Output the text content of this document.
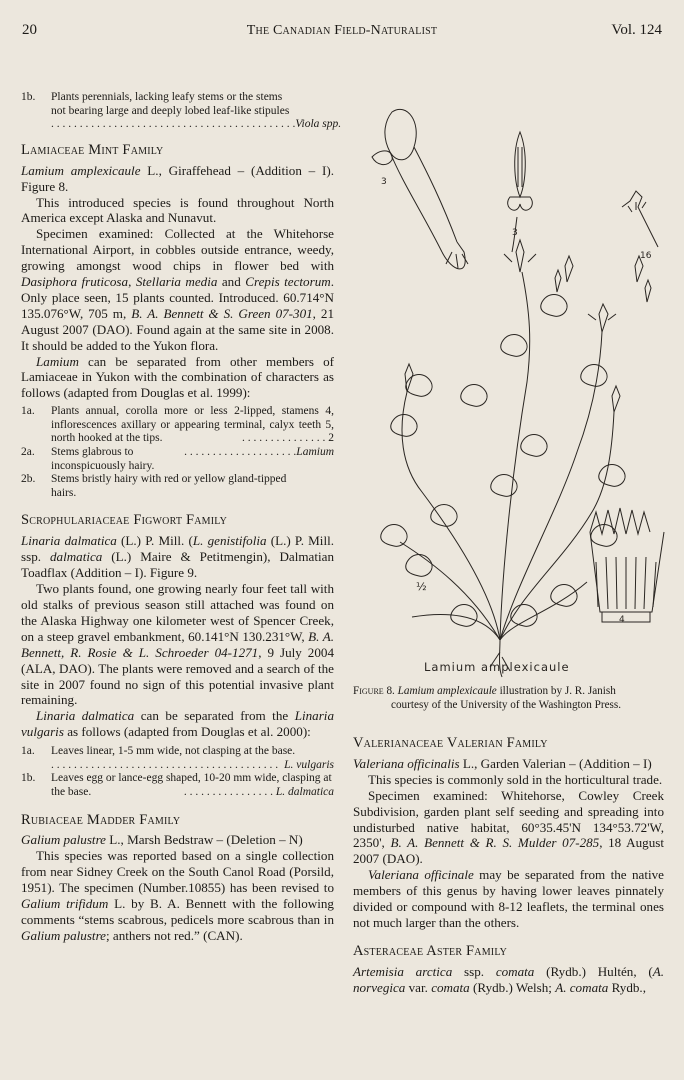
20	The Canadian Field-Naturalist	Vol. 124
1b.	Plants perennials, lacking leafy stems or the stems
not bearing large and deeply lobed leaf-like stipules

. . . . . . . . . . . . . . . . . . . . . . . . . . . . . . . . . . . . . . . . . . . Viola spp.
Lamiaceae Mint Family

Lamium amplexicaule L., Giraffehead – (Addition – I). Figure 8.

This introduced species is found throughout North America except Alaska and Nunavut.

Specimen examined: Collected at the Whitehorse International Airport, in cobbles outside entrance, weedy, growing amongst wood chips in flower bed with Dasiphora fruticosa, Stellaria media and Crepis tectorum. Only place seen, 15 plants counted. Introduced. 60.714°N 135.076°W, 705 m, B. A. Bennett & S. Green 07-301, 21 August 2007 (DAO). Found again at the same site in 2008. It should be added to the Yukon flora.

Lamium can be separated from other members of Lamiaceae in Yukon with the combination of characters as follows (adapted from Douglas et al. 1999):

1a.	Plants annual, corolla more or less 2-lipped, stamens 4, inflorescences axillary or appearing terminal, calyx teeth 5, north hooked at the tips.	. . . . . . . . . . . . . . . 2
2a.	Stems glabrous to inconspicuously hairy.
. . . . . . . . . . . . . . . . . . . . Lamium
2b.	Stems bristly hairy with red or yellow gland-tipped hairs.
Scrophulariaceae Figwort Family

Linaria dalmatica (L.) P. Mill. (L. genistifolia (L.) P. Mill. ssp. dalmatica (L.) Maire & Petitmengin), Dalmatian Toadflax (Addition – I). Figure 9.

Two plants found, one growing nearly four feet tall with old stalks of previous season still attached was found on the Alaska Highway one kilometer west of Spencer Creek, on a steep gravel embankment, 60.141°N 130.231°W, B. A. Bennett, R. Rosie & L. Schroeder 04-1271, 9 July 2004 (ALA, DAO). The plants were removed and a search of the site in 2007 found no sign of this potential invasive plant remaining.

Linaria dalmatica can be separated from the Linaria vulgaris as follows (adapted from Douglas et al. 2000):

1a.	Leaves linear, 1-5 mm wide, not clasping at the base.

. . . . . . . . . . . . . . . . . . . . . . . . . . . . . . . . . . . . . . . . L. vulgaris
1b.	Leaves egg or lance-egg shaped, 10-20 mm wide, clasping at the base.	. . . . . . . . . . . . . . . . L. dalmatica
Rubiaceae Madder Family

Galium palustre L., Marsh Bedstraw – (Deletion – N)

This species was reported based on a single collection from near Sidney Creek on the South Canol Road (Porsild, 1951). The specimen (Number.10855) has been revised to Galium trifidum L. by B. A. Bennett with the following comments “stems scabrous, pedicels more scabrous than in Galium palustre; anthers not red.” (CAN).

3
3
16
½
4
Lamium amplexicaule
Figure 8. Lamium amplexicaule illustration by J. R. Janish
courtesy of the University of the Washington Press.
Valerianaceae Valerian Family

Valeriana officinalis L., Garden Valerian – (Addition – I)

This species is commonly sold in the horticultural trade.

Specimen examined: Whitehorse, Cowley Creek Subdivision, garden plant self seeding and spreading into undisturbed native habitat, 60°35.45'N 134°53.72'W, 2350', B. A. Bennett & R. S. Mulder 07-285, 18 August 2007 (DAO).

Valeriana officinale may be separated from the native members of this genus by having lower leaves pinnately divided or compound with 8-12 leaflets, the terminal ones not much larger than the others.

Asteraceae Aster Family

Artemisia arctica ssp. comata (Rydb.) Hultén, (A. norvegica var. comata (Rydb.) Welsh; A. comata Rydb.,
